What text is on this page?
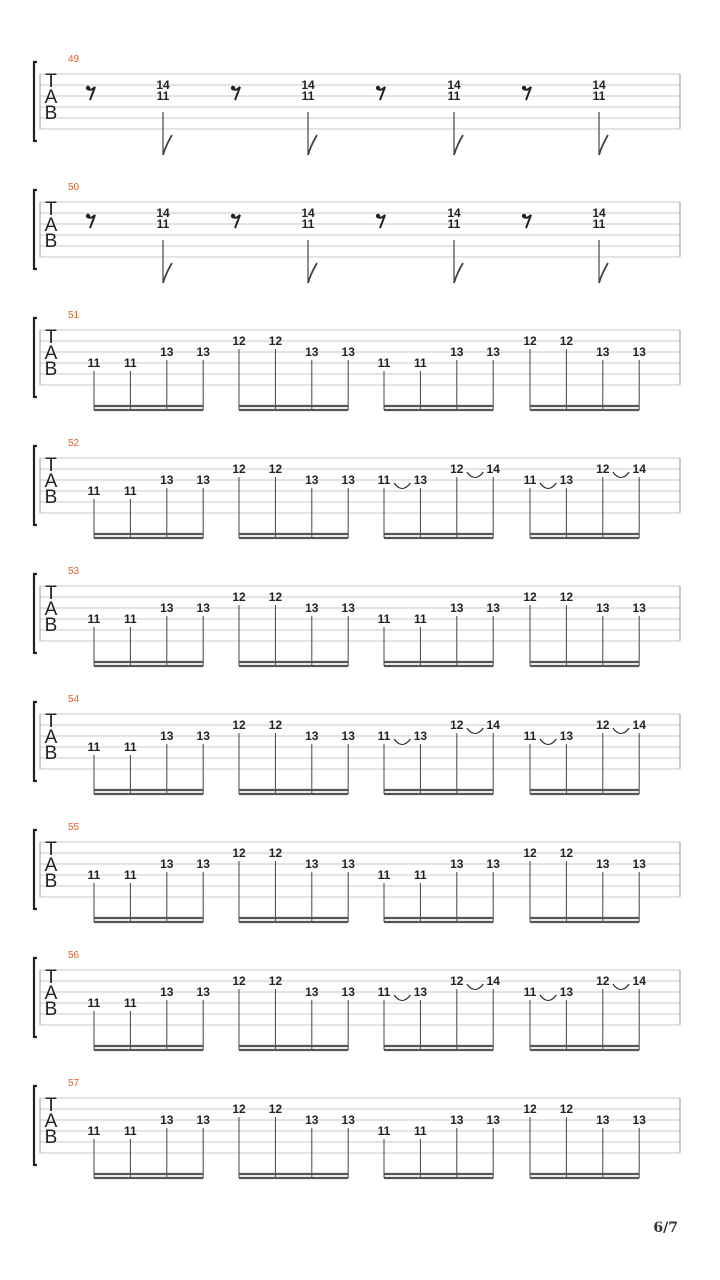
T
A
B
49
14
11
14
11
14
11
14
11
T
A
B
50
14
11
14
11
14
11
14
11
T
A
B
51
11 11
13 13
12 12
13 13
11 11
13 13
12 12
13 13
T
A
B
52
11 11
13 13
12 12
13 13 11 13
12 14
11 13
12 14
T
A
B
53
11 11
13 13
12 12
13 13
11 11
13 13
12 12
13 13
T
A
B
54
11 11
13 13
12 12
13 13 11 13
12 14
11 13
12 14
T
A
B
55
11 11
13 13
12 12
13 13
11 11
13 13
12 12
13 13
T
A
B
56
11 11
13 13
12 12
13 13 11 13
12 14
11 13
12 14
T
A
B
57
11 11
13 13
12 12
13 13
11 11
13 13
12 12
13 13
6/7
